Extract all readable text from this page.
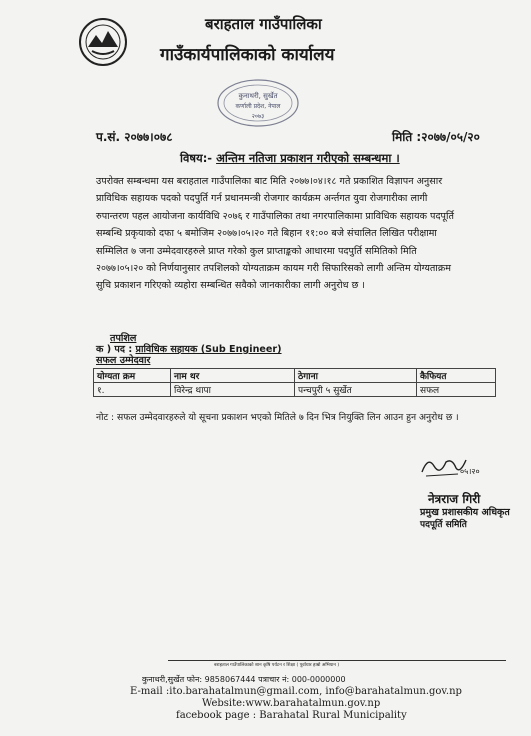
बराहताल गाउँपालिका
गाउँकार्यपालिकाको कार्यालय
कुनाथरी, सुर्खेत
कर्णाली प्रदेश, नेपाल
२०७३
प.सं. २०७७।०७८	मिति :२०७७/०५/२०
विषय:- अन्तिम नतिजा प्रकाशन गरीएको सम्बन्धमा ।
उपरोक्त सम्बन्धमा यस बराहताल गाउँपालिका बाट मिति २०७७।०४।१८ गते प्रकाशित विज्ञापन अनुसार
प्राविधिक सहायक पदको पदपुर्ति गर्न प्रधानमन्त्री रोजगार कार्यक्रम अर्न्तगत युवा रोजगारीका लागी
रुपान्तरण पहल आयोजना कार्यविधि २०७६ र गाउँपालिका तथा नगरपालिकामा प्राविधिक सहायक पदपूर्ति
सम्बन्धि प्रकृयाको दफा ५ बमोजिम २०७७।०५।२० गते बिहान ११:०० बजे संचालित लिखित परीक्षामा
सम्मिलित ७ जना उम्मेदवारहरुले प्राप्त गरेको कुल प्राप्ताङ्कको आधारमा पदपुर्ति समितिको मिति
२०७७।०५।२० को निर्णयानुसार तपशिलको योग्यताक्रम कायम गरी सिफारिसको लागी अन्तिम योग्यताक्रम
सुचि प्रकाशन गरिएको व्यहोरा सम्बन्धित सवैको जानकारीका लागी अनुरोध छ ।
तपशिल
क ) पद : प्राविधिक सहायक (Sub Engineer)
सफल उम्मेदवार
योग्यता क्रम	नाम थर	ठेगाना	कैफियत
१.	विरेन्द्र थापा	पन्चपुरी ५ सुर्खेत	सफल
नोट : सफल उम्मेदवारहरुले यो सूचना प्रकाशन भएको मितिले ७ दिन भित्र नियुक्ति लिन आउन हुन अनुरोध छ ।
०५।२०
नेत्रराज गिरी
प्रमुख प्रशासकीय अधिकृत
पदपूर्ति समिति
बराहताल गाउँपालिकाको शान कृषि पर्यटन र शिक्षा ( पूर्वाधार हाम्रो अभियान )
कुनाथरी,सुर्खेत फोन: 9858067444 पत्राचार नं: 000-0000000
E-mail :ito.barahatalmun@gmail.com, info@barahatalmun.gov.np
Website:www.barahatalmun.gov.np
facebook page : Barahatal Rural Municipality
